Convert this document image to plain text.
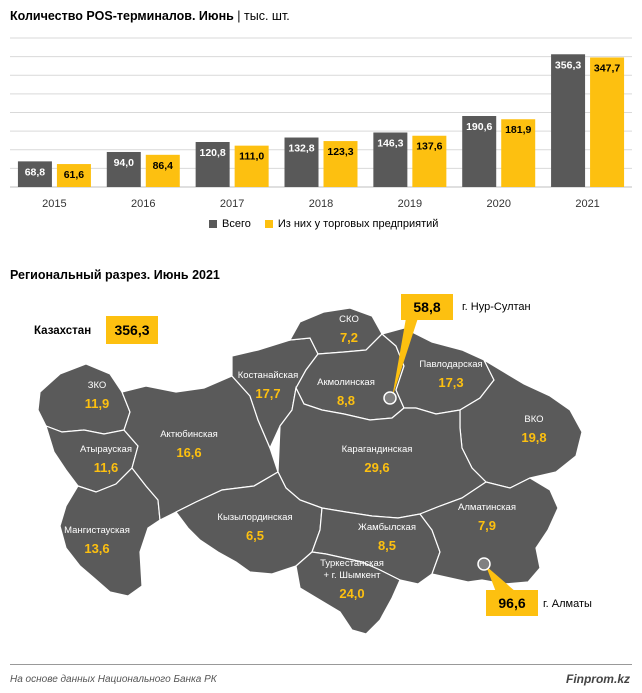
Количество POS-терминалов. Июнь | тыс. шт.
68,8 61,6
2015
94,0 86,4
2016
120,8 111,0
2017
132,8 123,3
2018
146,3 137,6
2019
190,6 181,9
2020
356,3 347,7
2021
Всего Из них у торговых предприятий
Региональный разрез. Июнь 2021
СКО
7,2
Костанайская
17,7
Акмолинская
8,8
Павлодарская
17,3
ЗКО
11,9
Атырауская
11,6
Актюбинская
16,6
ВКО
19,8
Карагандинская
29,6
Мангистауская
13,6
Кызылординская
6,5
Жамбылская
8,5
Алматинская
7,9
Туркестанская
+ г. Шымкент
24,0
Казахстан	356,3
58,8	г. Нур-Султан
96,6	г. Алматы
На основе данных Национального Банка РК	Finprom.kz
